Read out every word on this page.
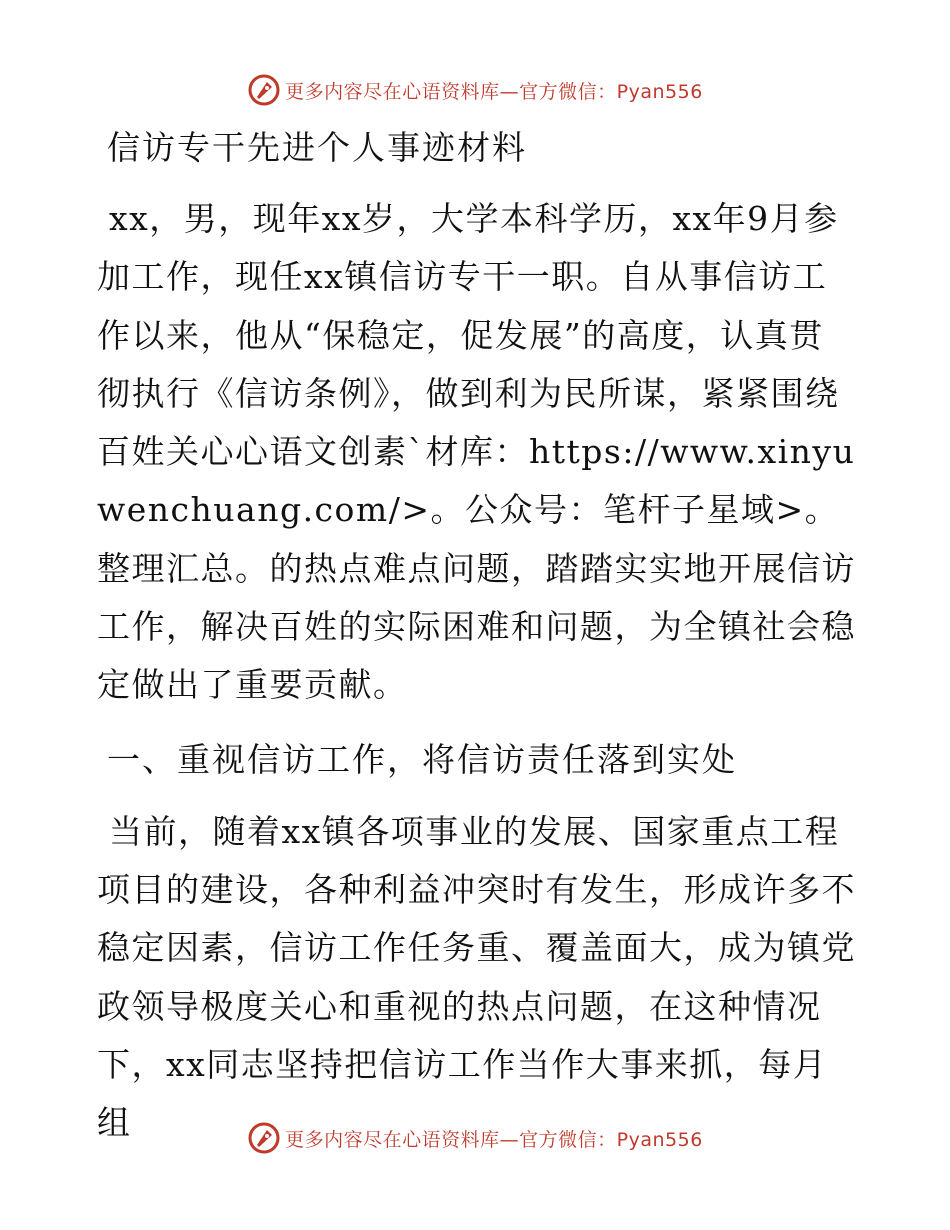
更多内容尽在心语资料库—官方微信：Pyan556
信访专干先进个人事迹材料

xx，男，现年xx岁，大学本科学历，xx年9月参加工作，现任xx镇信访专干一职。自从事信访工作以来，他从“保稳定，促发展”的高度，认真贯彻执行《信访条例》，做到利为民所谋，紧紧围绕百姓关心心语文创素`材库：https://www.xinyuwenchuang.com/>。公众号：笔杆子星域>。整理汇总。的热点难点问题，踏踏实实地开展信访工作，解决百姓的实际困难和问题，为全镇社会稳定做出了重要贡献。

一、重视信访工作，将信访责任落到实处

当前，随着xx镇各项事业的发展、国家重点工程项目的建设，各种利益冲突时有发生，形成许多不稳定因素，信访工作任务重、覆盖面大，成为镇党政领导极度关心和重视的热点问题，在这种情况下，xx同志坚持把信访工作当作大事来抓，每月组	更多内容尽在心语资料库—官方微信：Pyan556
